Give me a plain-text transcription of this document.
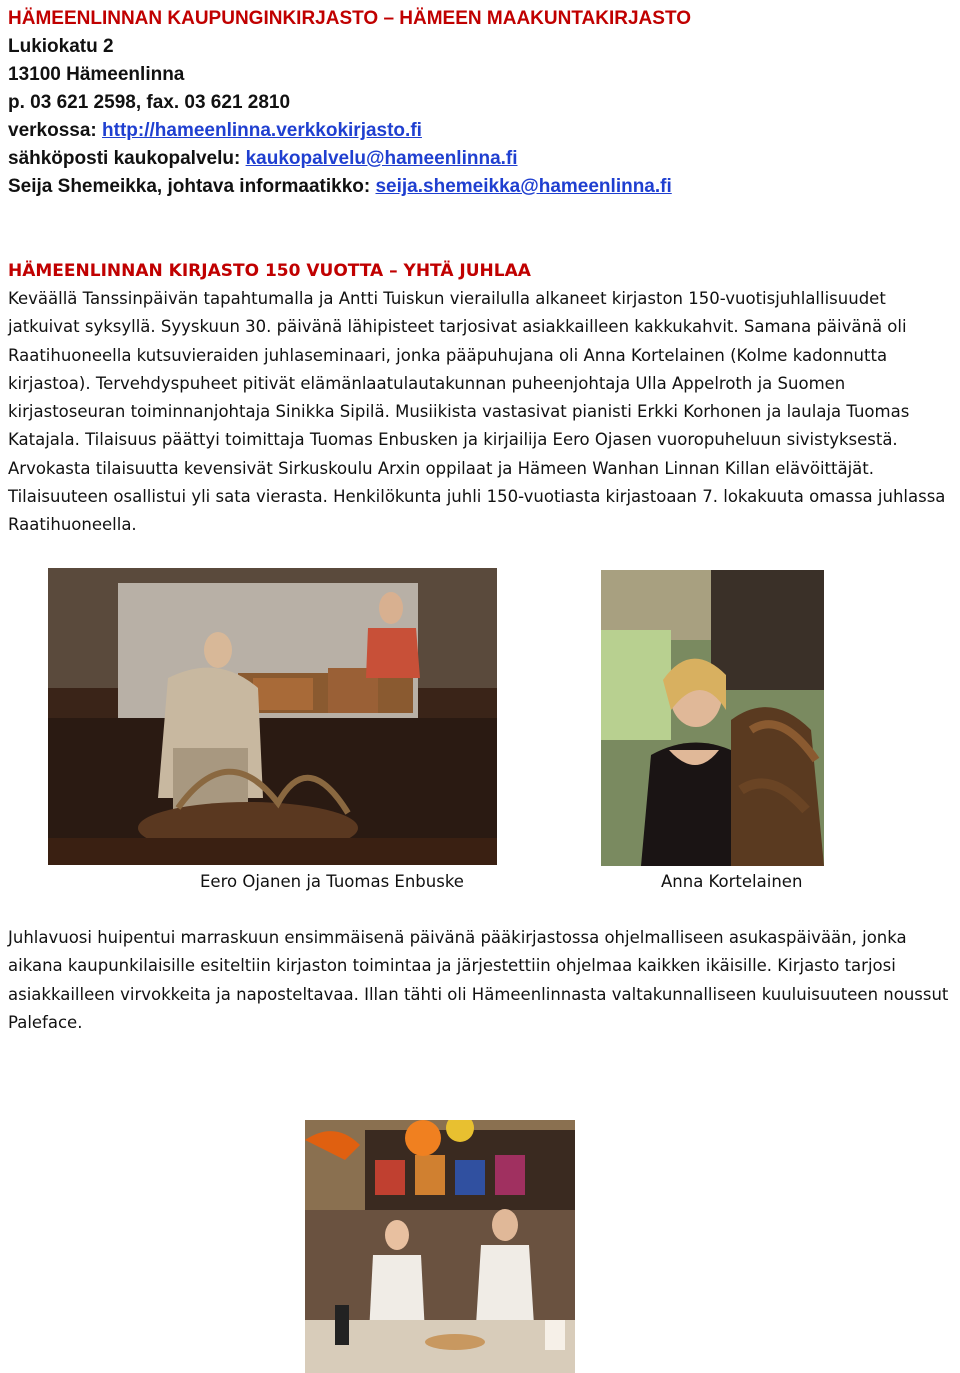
HÄMEENLINNAN KAUPUNGINKIRJASTO – HÄMEEN MAAKUNTAKIRJASTO
Lukiokatu 2
13100 Hämeenlinna
p. 03 621 2598, fax. 03 621 2810
verkossa: http://hameenlinna.verkkokirjasto.fi
sähköposti kaukopalvelu: kaukopalvelu@hameenlinna.fi
Seija Shemeikka, johtava informaatikko: seija.shemeikka@hameenlinna.fi
HÄMEENLINNAN KIRJASTO 150 VUOTTA – YHTÄ JUHLAA

Keväällä Tanssinpäivän tapahtumalla ja Antti Tuiskun vierailulla alkaneet kirjaston 150-vuotisjuhlallisuudet jatkuivat syksyllä. Syyskuun 30. päivänä lähipisteet tarjosivat asiakkailleen kakkukahvit. Samana päivänä oli Raatihuoneella kutsuvieraiden juhlaseminaari, jonka pääpuhujana oli Anna Kortelainen (Kolme kadonnutta kirjastoa). Tervehdyspuheet pitivät elämänlaatulautakunnan puheenjohtaja Ulla Appelroth ja Suomen kirjastoseuran toiminnanjohtaja Sinikka Sipilä. Musiikista vastasivat pianisti Erkki Korhonen ja laulaja Tuomas Katajala. Tilaisuus päättyi toimittaja Tuomas Enbusken ja kirjailija Eero Ojasen vuoropuheluun sivistyksestä. Arvokasta tilaisuutta kevensivät Sirkuskoulu Arxin oppilaat ja Hämeen Wanhan Linnan Killan elävöittäjät. Tilaisuuteen osallistui yli sata vierasta. Henkilökunta juhli 150-vuotiasta kirjastoaan 7. lokakuuta omassa juhlassa Raatihuoneella.

Eero Ojanen ja Tuomas Enbuske	Anna Kortelainen

Juhlavuosi huipentui marraskuun ensimmäisenä päivänä pääkirjastossa ohjelmalliseen asukaspäivään, jonka aikana kaupunkilaisille esiteltiin kirjaston toimintaa ja järjestettiin ohjelmaa kaikken ikäisille. Kirjasto tarjosi asiakkailleen virvokkeita ja naposteltavaa. Illan tähti oli Hämeenlinnasta valtakunnalliseen kuuluisuuteen noussut Paleface.
